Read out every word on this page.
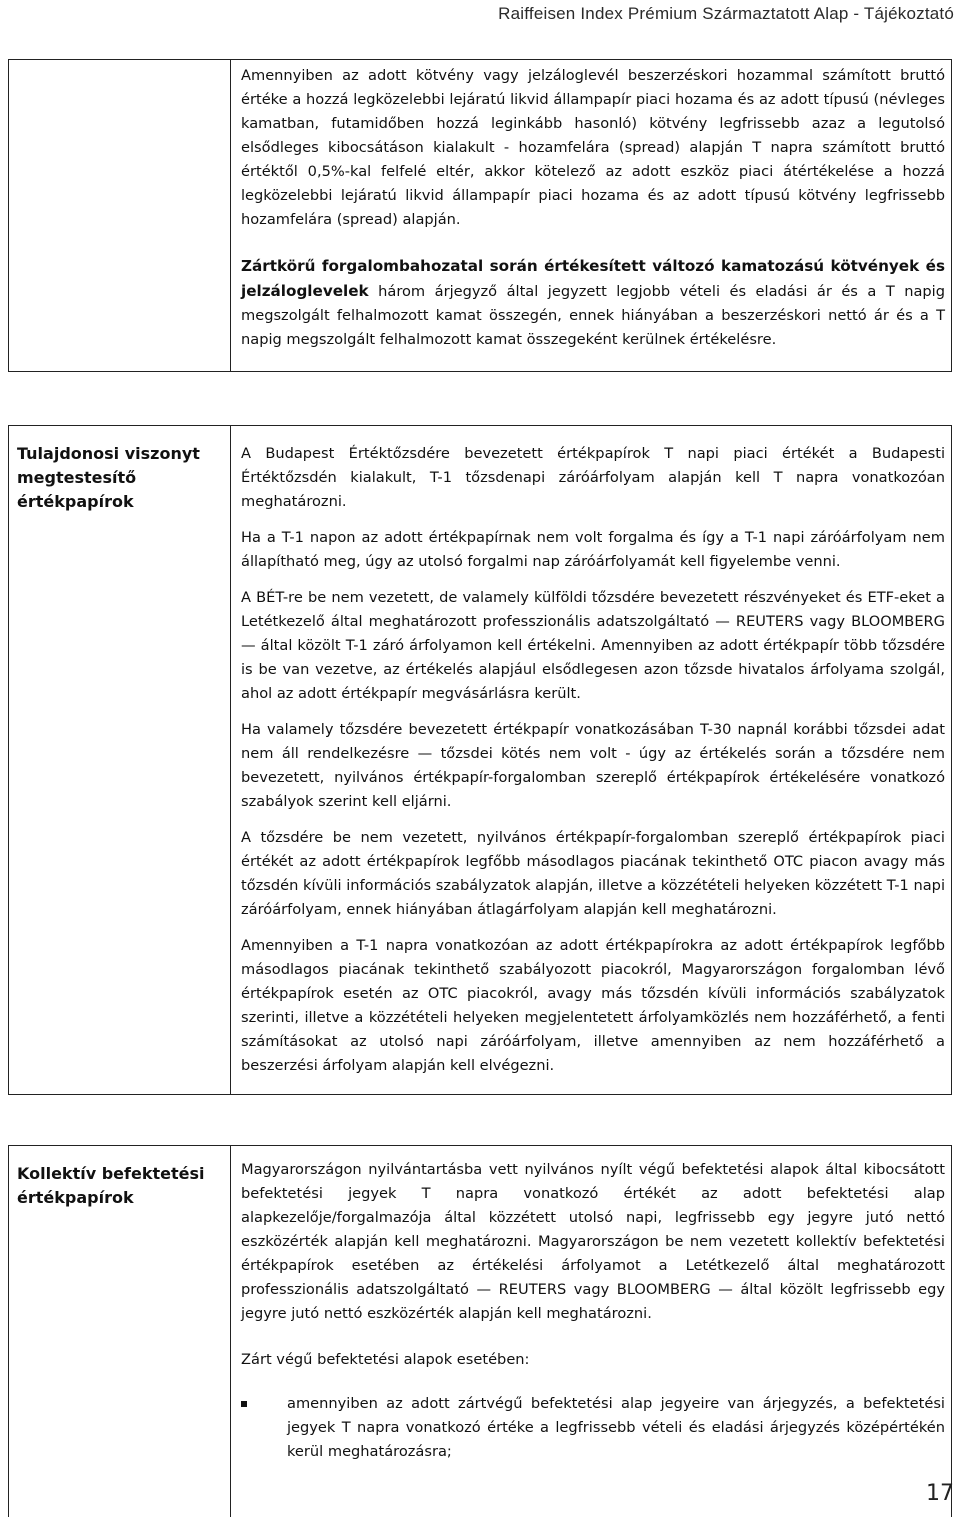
Raiffeisen Index Prémium Származtatott Alap - Tájékoztató

Amennyiben az adott kötvény vagy jelzáloglevél beszerzéskori hozammal számított bruttó értéke a hozzá legközelebbi lejáratú likvid állampapír piaci hozama és az adott típusú (névleges kamatban, futamidőben hozzá leginkább hasonló) kötvény legfrissebb azaz a legutolsó elsődleges kibocsátáson kialakult - hozamfelára (spread) alapján T napra számított bruttó értéktől 0,5%-kal felfelé eltér, akkor kötelező az adott eszköz piaci átértékelése a hozzá legközelebbi lejáratú likvid állampapír piaci hozama és az adott típusú kötvény legfrissebb hozamfelára (spread) alapján.

Zártkörű forgalombahozatal során értékesített változó kamatozású kötvények és jelzáloglevelek három árjegyző által jegyzett legjobb vételi és eladási ár és a T napig megszolgált felhalmozott kamat összegén, ennek hiányában a beszerzéskori nettó ár és a T napig megszolgált felhalmozott kamat összegeként kerülnek értékelésre.

Tulajdonosi viszonyt megtestesítő értékpapírok

A Budapest Értéktőzsdére bevezetett értékpapírok T napi piaci értékét a Budapesti Értéktőzsdén kialakult, T-1 tőzsdenapi záróárfolyam alapján kell T napra vonatkozóan meghatározni.

Ha a T-1 napon az adott értékpapírnak nem volt forgalma és így a T-1 napi záróárfolyam nem állapítható meg, úgy az utolsó forgalmi nap záróárfolyamát kell figyelembe venni.

A BÉT-re be nem vezetett, de valamely külföldi tőzsdére bevezetett részvényeket és ETF-eket a Letétkezelő által meghatározott professzionális adatszolgáltató — REUTERS vagy BLOOMBERG — által közölt T-1 záró árfolyamon kell értékelni. Amennyiben az adott értékpapír több tőzsdére is be van vezetve, az értékelés alapjául elsődlegesen azon tőzsde hivatalos árfolyama szolgál, ahol az adott értékpapír megvásárlásra került.

Ha valamely tőzsdére bevezetett értékpapír vonatkozásában T-30 napnál korábbi tőzsdei adat nem áll rendelkezésre — tőzsdei kötés nem volt - úgy az értékelés során a tőzsdére nem bevezetett, nyilvános értékpapír-forgalomban szereplő értékpapírok értékelésére vonatkozó szabályok szerint kell eljárni.

A tőzsdére be nem vezetett, nyilvános értékpapír-forgalomban szereplő értékpapírok piaci értékét az adott értékpapírok legfőbb másodlagos piacának tekinthető OTC piacon avagy más tőzsdén kívüli információs szabályzatok alapján, illetve a közzétételi helyeken közzétett T-1 napi záróárfolyam, ennek hiányában átlagárfolyam alapján kell meghatározni.

Amennyiben a T-1 napra vonatkozóan az adott értékpapírokra az adott értékpapírok legfőbb másodlagos piacának tekinthető szabályozott piacokról, Magyarországon forgalomban lévő értékpapírok esetén az OTC piacokról, avagy más tőzsdén kívüli információs szabályzatok szerinti, illetve a közzétételi helyeken megjelentetett árfolyamközlés nem hozzáférhető, a fenti számításokat az utolsó napi záróárfolyam, illetve amennyiben az nem hozzáférhető a beszerzési árfolyam alapján kell elvégezni.

Kollektív befektetési értékpapírok

Magyarországon nyilvántartásba vett nyilvános nyílt végű befektetési alapok által kibocsátott befektetési jegyek T napra vonatkozó értékét az adott befektetési alap alapkezelője/forgalmazója által közzétett utolsó napi, legfrissebb egy jegyre jutó nettó eszközérték alapján kell meghatározni. Magyarországon be nem vezetett kollektív befektetési értékpapírok esetében az értékelési árfolyamot a Letétkezelő által meghatározott professzionális adatszolgáltató — REUTERS vagy BLOOMBERG — által közölt legfrissebb egy jegyre jutó nettó eszközérték alapján kell meghatározni.

Zárt végű befektetési alapok esetében:

amennyiben az adott zártvégű befektetési alap jegyeire van árjegyzés, a befektetési jegyek T napra vonatkozó értéke a legfrissebb vételi és eladási árjegyzés középértékén kerül meghatározásra;
17
